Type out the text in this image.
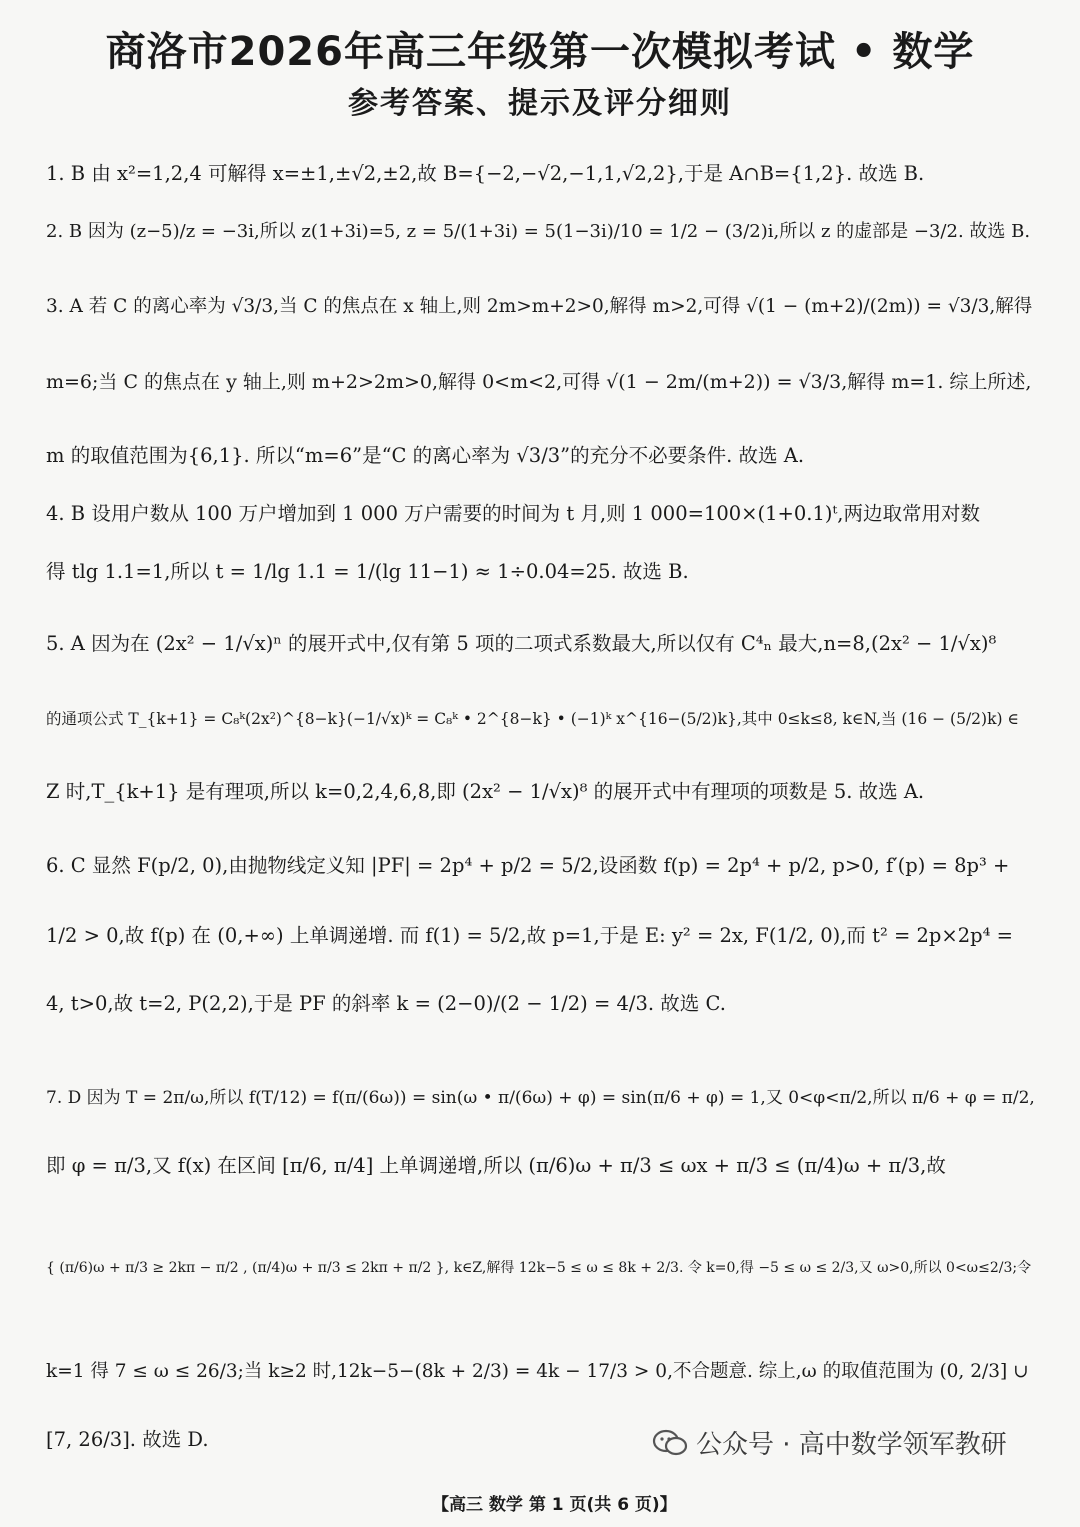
商洛市2026年高三年级第一次模拟考试 • 数学
参考答案、提示及评分细则
1. B 由 x²=1,2,4 可解得 x=±1,±√2,±2,故 B={−2,−√2,−1,1,√2,2},于是 A∩B={1,2}. 故选 B.
2. B 因为 (z−5)/z = −3i,所以 z(1+3i)=5, z = 5/(1+3i) = 5(1−3i)/10 = 1/2 − (3/2)i,所以 z 的虚部是 −3/2. 故选 B.
3. A 若 C 的离心率为 √3/3,当 C 的焦点在 x 轴上,则 2m>m+2>0,解得 m>2,可得 √(1 − (m+2)/(2m)) = √3/3,解得
m=6;当 C 的焦点在 y 轴上,则 m+2>2m>0,解得 0<m<2,可得 √(1 − 2m/(m+2)) = √3/3,解得 m=1. 综上所述,
m 的取值范围为{6,1}. 所以“m=6”是“C 的离心率为 √3/3”的充分不必要条件. 故选 A.
4. B 设用户数从 100 万户增加到 1 000 万户需要的时间为 t 月,则 1 000=100×(1+0.1)ᵗ,两边取常用对数
得 tlg 1.1=1,所以 t = 1/lg 1.1 = 1/(lg 11−1) ≈ 1÷0.04=25. 故选 B.
5. A 因为在 (2x² − 1/√x)ⁿ 的展开式中,仅有第 5 项的二项式系数最大,所以仅有 C⁴ₙ 最大,n=8,(2x² − 1/√x)⁸
的通项公式 T_{k+1} = C₈ᵏ(2x²)^{8−k}(−1/√x)ᵏ = C₈ᵏ • 2^{8−k} • (−1)ᵏ x^{16−(5/2)k},其中 0≤k≤8, k∈N,当 (16 − (5/2)k) ∈
Z 时,T_{k+1} 是有理项,所以 k=0,2,4,6,8,即 (2x² − 1/√x)⁸ 的展开式中有理项的项数是 5. 故选 A.
6. C 显然 F(p/2, 0),由抛物线定义知 |PF| = 2p⁴ + p/2 = 5/2,设函数 f(p) = 2p⁴ + p/2, p>0, f′(p) = 8p³ +
1/2 > 0,故 f(p) 在 (0,+∞) 上单调递增. 而 f(1) = 5/2,故 p=1,于是 E: y² = 2x, F(1/2, 0),而 t² = 2p×2p⁴ =
4, t>0,故 t=2, P(2,2),于是 PF 的斜率 k = (2−0)/(2 − 1/2) = 4/3. 故选 C.
7. D 因为 T = 2π/ω,所以 f(T/12) = f(π/(6ω)) = sin(ω • π/(6ω) + φ) = sin(π/6 + φ) = 1,又 0<φ<π/2,所以 π/6 + φ = π/2,
即 φ = π/3,又 f(x) 在区间 [π/6, π/4] 上单调递增,所以 (π/6)ω + π/3 ≤ ωx + π/3 ≤ (π/4)ω + π/3,故
{ (π/6)ω + π/3 ≥ 2kπ − π/2 , (π/4)ω + π/3 ≤ 2kπ + π/2 }, k∈Z,解得 12k−5 ≤ ω ≤ 8k + 2/3. 令 k=0,得 −5 ≤ ω ≤ 2/3,又 ω>0,所以 0<ω≤2/3;令
k=1 得 7 ≤ ω ≤ 26/3;当 k≥2 时,12k−5−(8k + 2/3) = 4k − 17/3 > 0,不合题意. 综上,ω 的取值范围为 (0, 2/3] ∪
[7, 26/3]. 故选 D.	公众号 · 高中数学领军教研
【高三 数学 第 1 页(共 6 页)】
